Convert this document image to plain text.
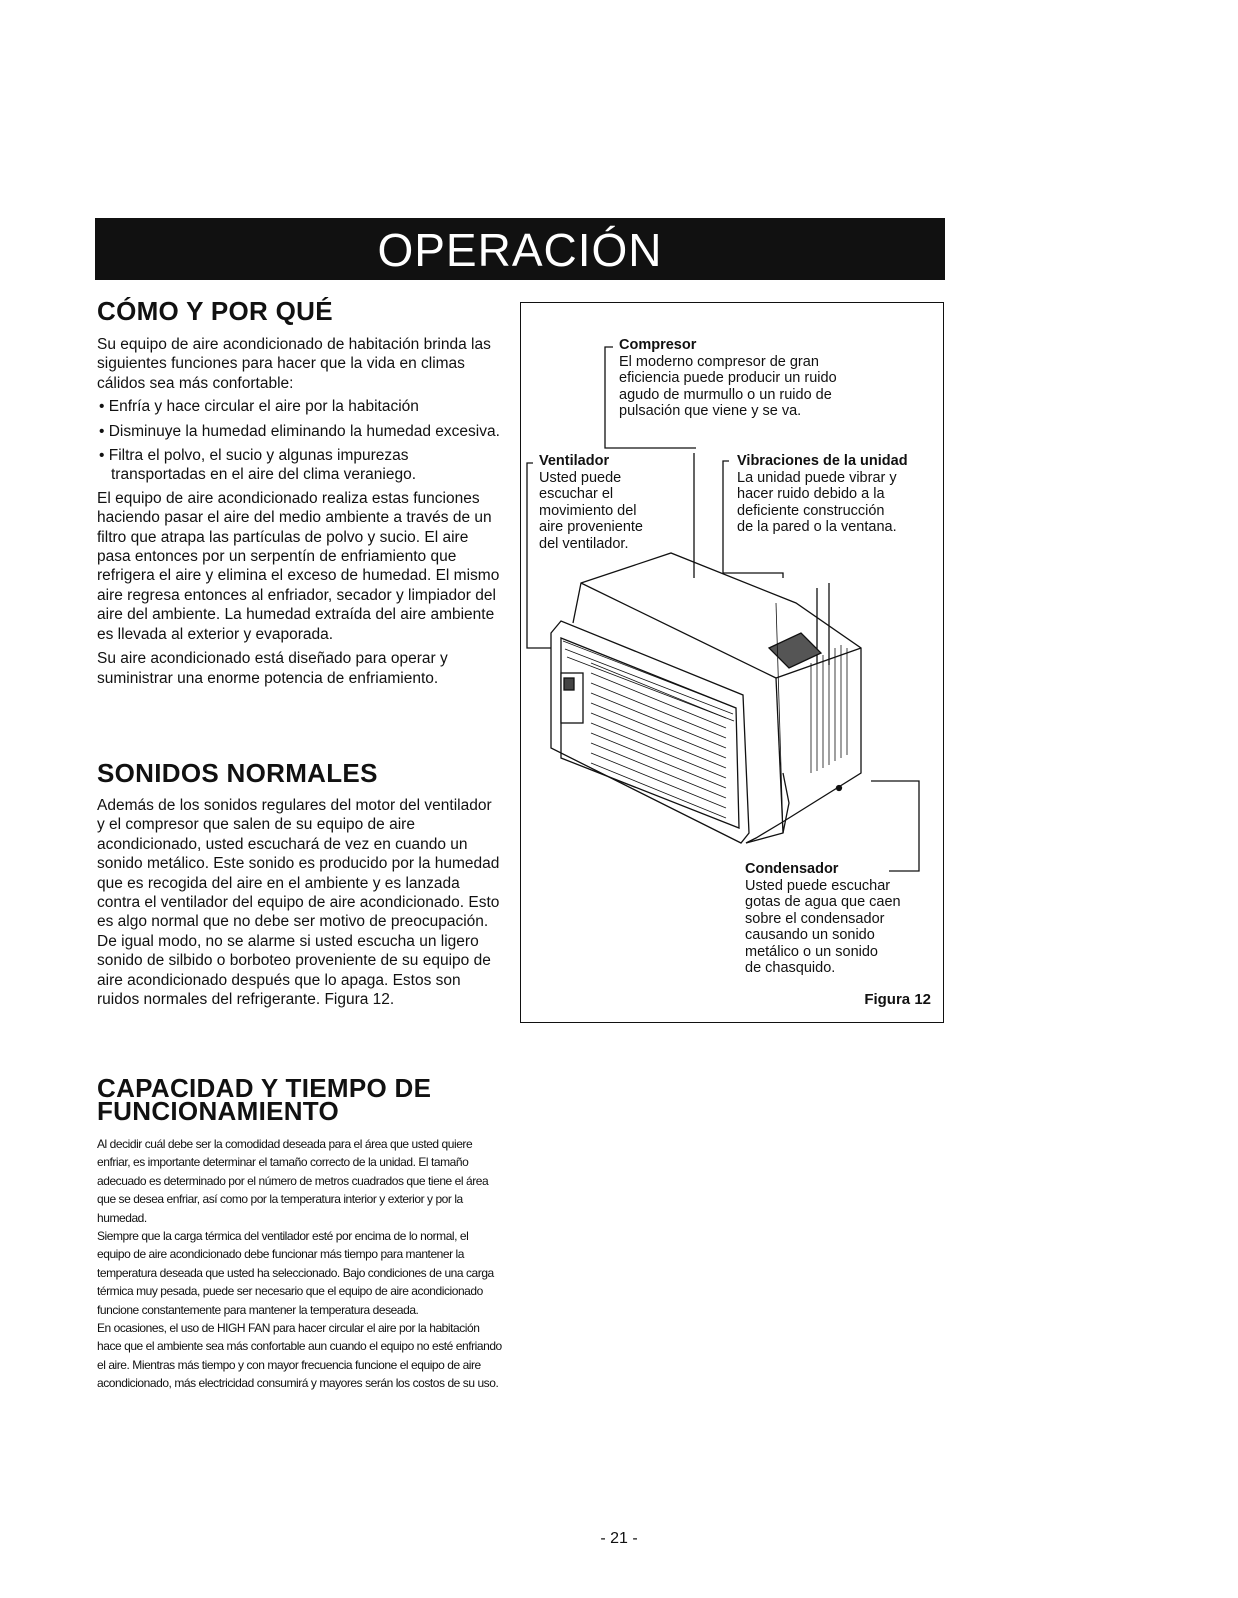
OPERACIÓN
CÓMO Y POR QUÉ

Su equipo de aire acondicionado de habitación brinda las siguientes funciones para hacer que la vida en climas cálidos sea más confortable:

• Enfría y hace circular el aire por la habitación

• Disminuye la humedad eliminando la humedad excesiva.

• Filtra el polvo, el sucio y algunas impurezas transportadas en el aire del clima veraniego.

El equipo de aire acondicionado realiza estas funciones haciendo pasar el aire del medio ambiente a través de un filtro que atrapa las partículas de polvo y sucio. El aire pasa entonces por un serpentín de enfriamiento que refrigera el aire y elimina el exceso de humedad. El mismo aire regresa entonces al enfriador, secador y limpiador del aire del ambiente. La humedad extraída del aire ambiente es llevada al exterior y evaporada.

Su aire acondicionado está diseñado para operar y suministrar una enorme potencia de enfriamiento.

SONIDOS NORMALES

Además de los sonidos regulares del motor del ventilador y el compresor que salen de su equipo de aire acondicionado, usted escuchará de vez en cuando un sonido metálico. Este sonido es producido por la humedad que es recogida del aire en el ambiente y es lanzada contra el ventilador del equipo de aire acondicionado. Esto es algo normal que no debe ser motivo de preocupación. De igual modo, no se alarme si usted escucha un ligero sonido de silbido o borboteo proveniente de su equipo de aire acondicionado después que lo apaga. Estos son ruidos normales del refrigerante. Figura 12.

CAPACIDAD Y TIEMPO DE
FUNCIONAMIENTO

Al decidir cuál debe ser la comodidad deseada para el área que usted quiere enfriar, es importante determinar el tamaño correcto de la unidad. El tamaño adecuado es determinado por el número de metros cuadrados que tiene el área que se desea enfriar, así como por la temperatura interior y exterior y por la humedad.

Siempre que la carga térmica del ventilador esté por encima de lo normal, el equipo de aire acondicionado debe funcionar más tiempo para mantener la temperatura deseada que usted ha seleccionado. Bajo condiciones de una carga térmica muy pesada, puede ser necesario que el equipo de aire acondicionado funcione constantemente para mantener la temperatura deseada.

En ocasiones, el uso de HIGH FAN para hacer circular el aire por la habitación hace que el ambiente sea más confortable aun cuando el equipo no esté enfriando el aire. Mientras más tiempo y con mayor frecuencia funcione el equipo de aire acondicionado, más electricidad consumirá y mayores serán los costos de su uso.

Compresor
El moderno compresor de gran
eficiencia puede producir un ruido
agudo de murmullo o un ruido de
pulsación que viene y se va.
Ventilador
Usted puede
escuchar el
movimiento del
aire proveniente
del ventilador.
Vibraciones de la unidad
La unidad puede vibrar y
hacer ruido debido a la
deficiente construcción
de la pared o la ventana.
Condensador
Usted puede escuchar
gotas de agua que caen
sobre el condensador
causando un sonido
metálico o un sonido
de chasquido.
Figura 12
- 21 -
